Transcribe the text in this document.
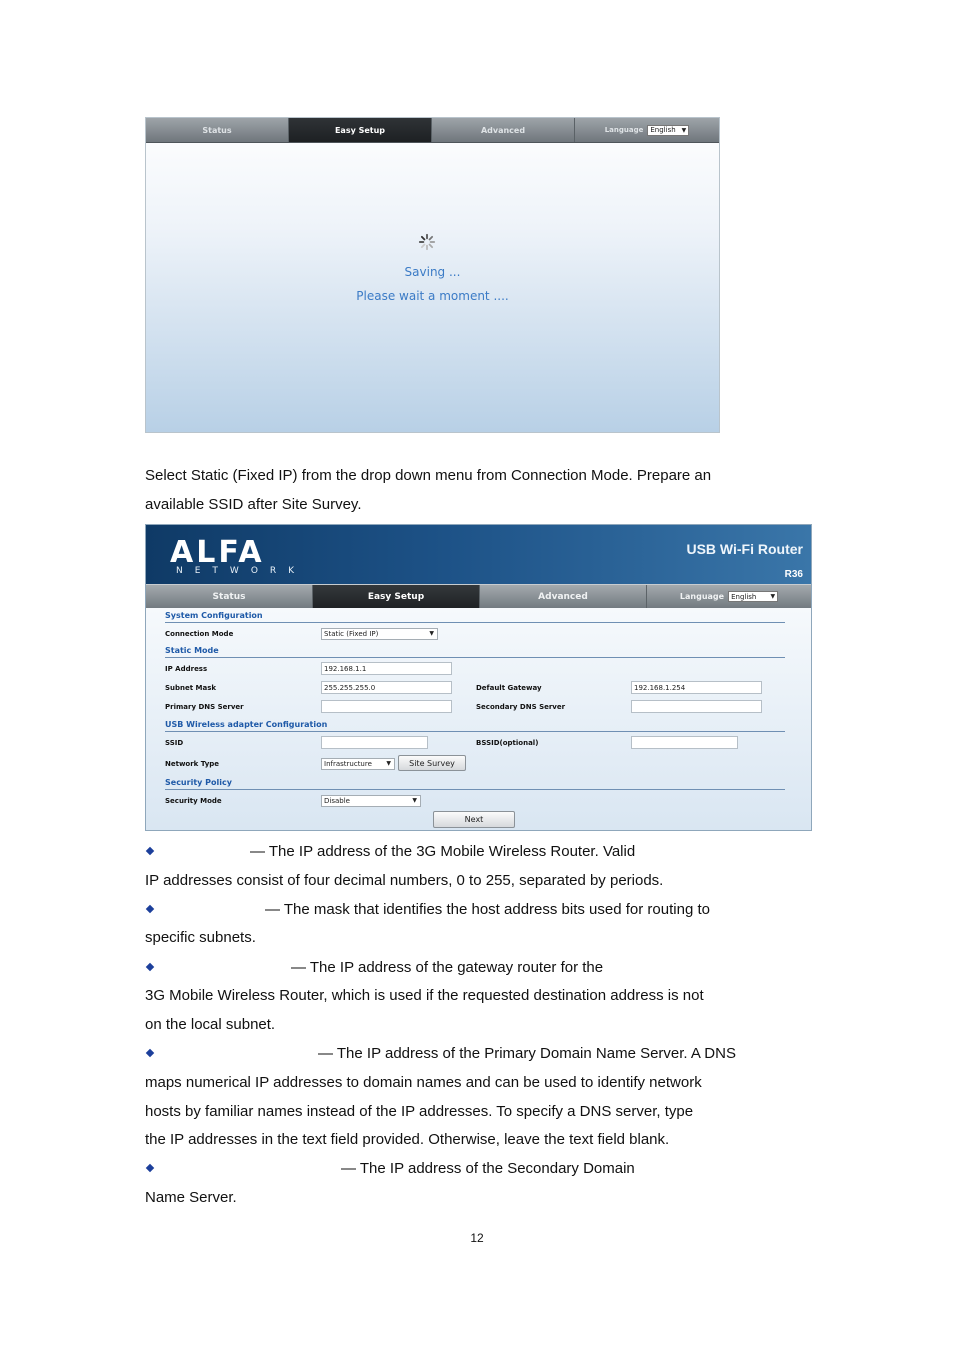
Status	Easy Setup	Advanced	Language English ▼
Saving ...
Please wait a moment ....
Select Static (Fixed IP) from the drop down menu from Connection Mode. Prepare an
available SSID after Site Survey.
ALFA
NETWORK
USB Wi-Fi Router
R36
Status	Easy Setup	Advanced	Language English ▼
System Configuration
Connection Mode	Static (Fixed IP)	▼
Static Mode
IP Address	192.168.1.1
Subnet Mask	255.255.255.0	Default Gateway	192.168.1.254
Primary DNS Server	Secondary DNS Server
USB Wireless adapter Configuration
SSID	BSSID(optional)
Network Type	Infrastructure ▼	Site Survey
Security Policy
Security Mode	Disable	▼
Next
— The IP address of the 3G Mobile Wireless Router. Valid
IP addresses consist of four decimal numbers, 0 to 255, separated by periods.
— The mask that identifies the host address bits used for routing to
specific subnets.
— The IP address of the gateway router for the
3G Mobile Wireless Router, which is used if the requested destination address is not
on the local subnet.
— The IP address of the Primary Domain Name Server. A DNS
maps numerical IP addresses to domain names and can be used to identify network
hosts by familiar names instead of the IP addresses. To specify a DNS server, type
the IP addresses in the text field provided. Otherwise, leave the text field blank.
— The IP address of the Secondary Domain
Name Server.
12
